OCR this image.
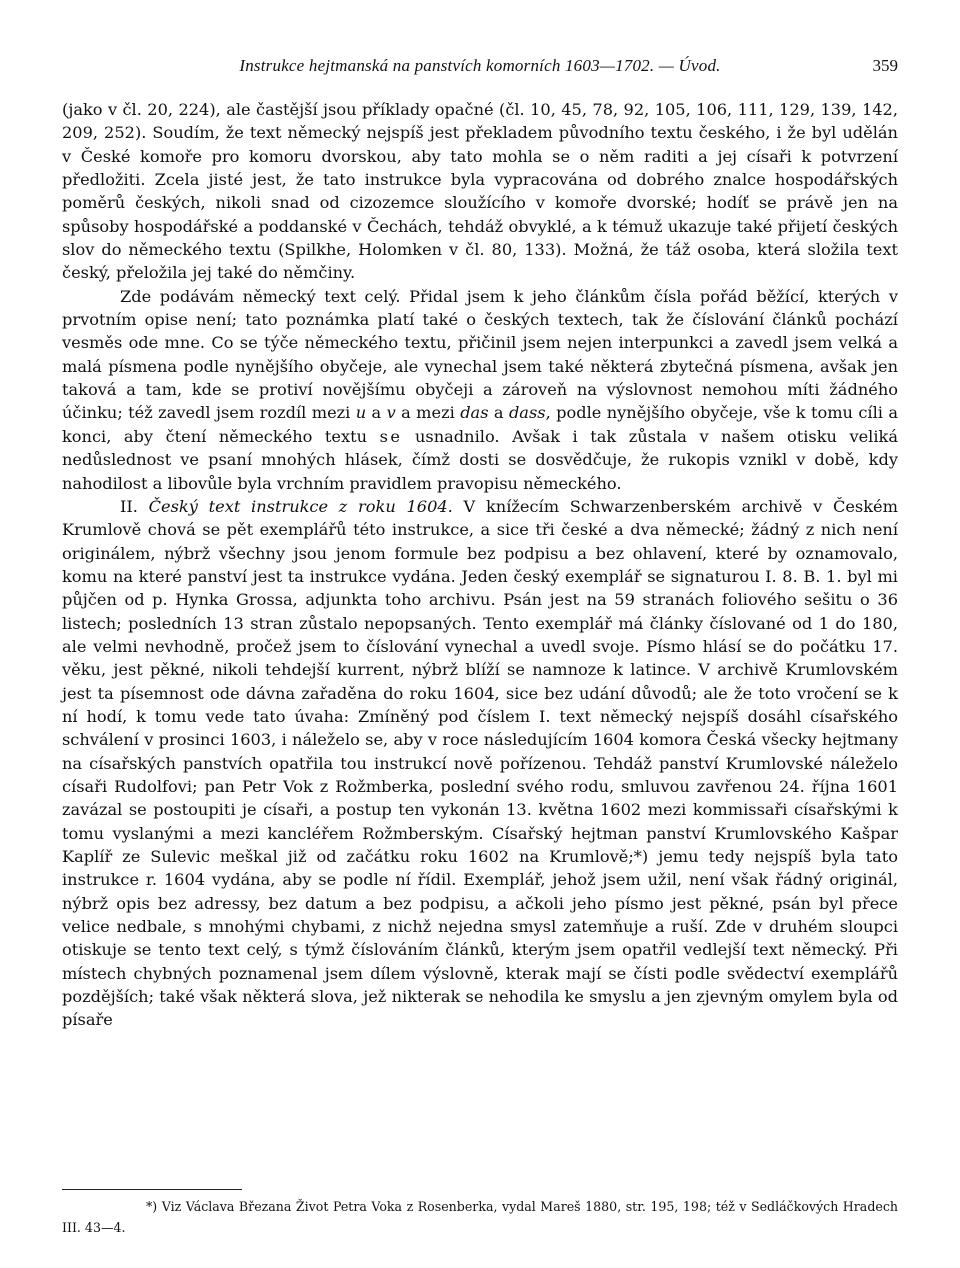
Instrukce hejtmanská na panstvích komorních 1603—1702. — Úvod.	359

(jako v čl. 20, 224), ale častější jsou příklady opačné (čl. 10, 45, 78, 92, 105, 106, 111, 129, 139, 142, 209, 252). Soudím, že text německý nejspíš jest překladem původního textu českého, i že byl udělán v České komoře pro komoru dvorskou, aby tato mohla se o něm raditi a jej císaři k potvrzení předložiti. Zcela jisté jest, že tato instrukce byla vypracována od dobrého znalce hospodářských poměrů českých, nikoli snad od cizozemce sloužícího v komoře dvorské; hodíť se právě jen na spůsoby hospodářské a poddanské v Čechách, tehdáž obvyklé, a k témuž ukazuje také přijetí českých slov do německého textu (Spilkhe, Holomken v čl. 80, 133). Možná, že táž osoba, která složila text český, přeložila jej také do němčiny.

Zde podávám německý text celý. Přidal jsem k jeho článkům čísla pořád běžící, kterých v prvotním opise není; tato poznámka platí také o českých textech, tak že číslování článků pochází vesměs ode mne. Co se týče německého textu, přičinil jsem nejen interpunkci a zavedl jsem velká a malá písmena podle nynějšího obyčeje, ale vynechal jsem také některá zbytečná písmena, avšak jen taková a tam, kde se protiví novějšímu obyčeji a zároveň na výslovnost nemohou míti žádného účinku; též zavedl jsem rozdíl mezi u a v a mezi das a dass, podle nynějšího obyčeje, vše k tomu cíli a konci, aby čtení německého textu se usnadnilo. Avšak i tak zůstala v našem otisku veliká nedůslednost ve psaní mnohých hlásek, čímž dosti se dosvědčuje, že rukopis vznikl v době, kdy nahodilost a libovůle byla vrchním pravidlem pravopisu německého.

II. Český text instrukce z roku 1604. V knížecím Schwarzenberském archivě v Českém Krumlově chová se pět exemplářů této instrukce, a sice tři české a dva německé; žádný z nich není originálem, nýbrž všechny jsou jenom formule bez podpisu a bez ohlavení, které by oznamovalo, komu na které panství jest ta instrukce vydána. Jeden český exemplář se signaturou I. 8. B. 1. byl mi půjčen od p. Hynka Grossa, adjunkta toho archivu. Psán jest na 59 stranách foliového sešitu o 36 listech; posledních 13 stran zůstalo nepopsaných. Tento exemplář má články číslované od 1 do 180, ale velmi nevhodně, pročež jsem to číslování vynechal a uvedl svoje. Písmo hlásí se do počátku 17. věku, jest pěkné, nikoli tehdejší kurrent, nýbrž blíží se namnoze k latince. V archivě Krumlovském jest ta písemnost ode dávna zařaděna do roku 1604, sice bez udání důvodů; ale že toto vročení se k ní hodí, k tomu vede tato úvaha: Zmíněný pod číslem I. text německý nejspíš dosáhl císařského schválení v prosinci 1603, i náleželo se, aby v roce následujícím 1604 komora Česká všecky hejtmany na císařských panstvích opatřila tou instrukcí nově pořízenou. Tehdáž panství Krumlovské náleželo císaři Rudolfovi; pan Petr Vok z Rožmberka, poslední svého rodu, smluvou zavřenou 24. října 1601 zavázal se postoupiti je císaři, a postup ten vykonán 13. května 1602 mezi kommissaři císařskými k tomu vyslanými a mezi kancléřem Rožmberským. Císařský hejtman panství Krumlovského Kašpar Kaplíř ze Sulevic meškal již od začátku roku 1602 na Krumlově;*) jemu tedy nejspíš byla tato instrukce r. 1604 vydána, aby se podle ní řídil. Exemplář, jehož jsem užil, není však řádný originál, nýbrž opis bez adressy, bez datum a bez podpisu, a ačkoli jeho písmo jest pěkné, psán byl přece velice nedbale, s mnohými chybami, z nichž nejedna smysl zatemňuje a ruší. Zde v druhém sloupci otiskuje se tento text celý, s týmž číslováním článků, kterým jsem opatřil vedlejší text německý. Při místech chybných poznamenal jsem dílem výslovně, kterak mají se čísti podle svědectví exemplářů pozdějších; také však některá slova, jež nikterak se nehodila ke smyslu a jen zjevným omylem byla od písaře

*) Viz Václava Březana Život Petra Voka z Rosenberka, vydal Mareš 1880, str. 195, 198; též v Sedláčkových Hradech III. 43—4.
